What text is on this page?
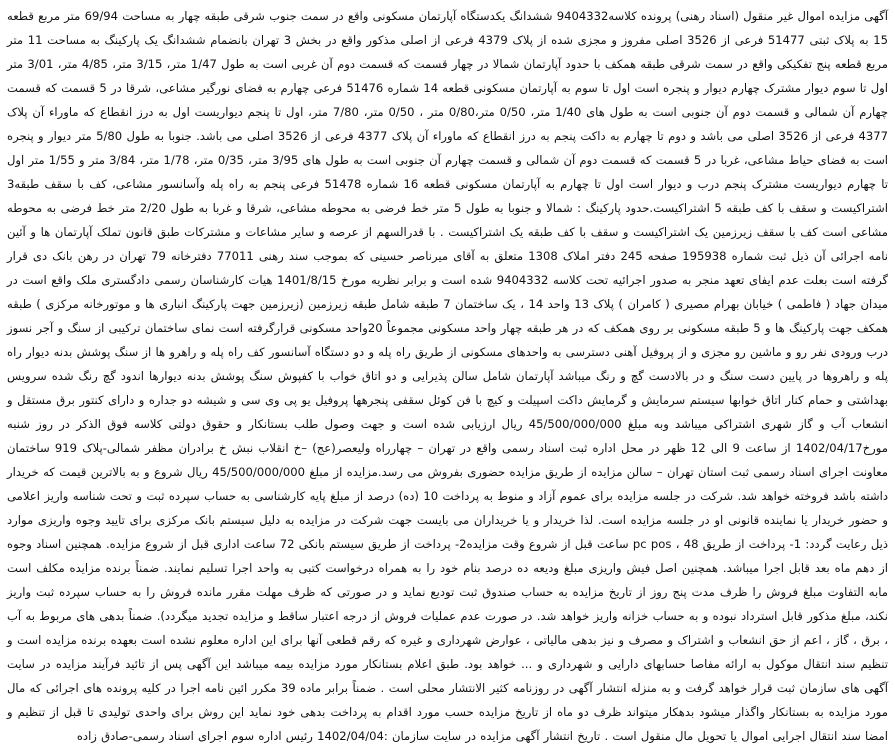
آگهی مزایده اموال غیر منقول (اسناد رهنی) پرونده کلاسه9404332 ششدانگ یکدستگاه آپارتمان مسکونی واقع در سمت جنوب شرقی طبقه چهار به مساحت 69/94 متر مربع قطعه 15 به پلاک ثبتی 51477 فرعی از 3526 اصلی مفروز و مجزی شده از پلاک 4379 فرعی از اصلی مذکور واقع در بخش 3 تهران بانضمام ششدانگ یک پارکینگ به مساحت 11 متر مربع قطعه پنج تفکیکی واقع در سمت شرقی طبقه همکف با حدود آپارتمان شمالا در چهار قسمت که قسمت دوم آن غربی است به طول 1/47 متر، 3/15 متر، 4/85 متر، 3/01 متر اول تا سوم دیوار مشترک چهارم دیوار و پنجره است اول تا سوم به آپارتمان مسکونی قطعه 14 شماره 51476 فرعی چهارم به فضای نورگیر مشاعی، شرقا در 5 قسمت که قسمت چهارم آن شمالی و قسمت دوم آن جنوبی است به طول های 1/40 متر، 0/50 متر،0/80 متر ، 0/50 متر، 7/80 متر، اول تا پنجم دیواریست اول به درز انقطاع که ماوراء آن پلاک 4377 فرعی از 3526 اصلی می باشد و دوم تا چهارم به داکت پنجم به درز انقطاع که ماوراء آن پلاک 4377 فرعی از 3526 اصلی می باشد. جنوبا به طول 5/80 متر دیوار و پنجره است به فضای حیاط مشاعی، غربا در 5 قسمت که قسمت دوم آن شمالی و قسمت چهارم آن جنوبی است به طول های 3/95 متر، 0/35 متر، 1/78 متر، 3/84 متر و 1/55 متر اول تا چهارم دیواریست مشترک پنجم درب و دیوار است اول تا چهارم به آپارتمان مسکونی قطعه 16 شماره 51478 فرعی پنجم به راه پله وآسانسور مشاعی، کف با سقف طبقه3 اشتراکیست و سقف با کف طبقه 5 اشتراکیست.حدود پارکینگ : شمالا و جنوبا به طول 5 متر خط فرضی به محوطه مشاعی، شرقا و غربا به طول 2/20 متر خط فرضی به محوطه مشاعی است کف با سقف زیرزمین یک اشتراکیست و سقف با کف طبقه یک اشتراکیست . با قدرالسهم از عرصه و سایر مشاعات و مشترکات طبق قانون تملک آپارتمان ها و آئین نامه اجرائی آن ذیل ثبت شماره 195938 صفحه 245 دفتر املاک 1308 متعلق به آقای میرناصر حسینی که بموجب سند رهنی 77011 دفترخانه 79 تهران در رهن بانک دی قرار گرفته است بعلت عدم ایفای تعهد منجر به صدور اجرائیه تحت کلاسه 9404332 شده است و برابر نظریه مورخ 1401/8/15 هیات کارشناسان رسمی دادگستری ملک واقع است در میدان جهاد ( فاطمی ) خیابان بهرام مصیری ( کامران ) پلاک 13 واحد 14 ، یک ساختمان 7 طبقه شامل طبقه زیرزمین (زیرزمین جهت پارکینگ انباری ها و موتورخانه مرکزی ) طبقه همکف جهت پارکینگ ها و 5 طبقه مسکونی بر روی همکف که در هر طبقه چهار واحد مسکونی مجموعاً 20واحد مسکونی قرارگرفته است نمای ساختمان ترکیبی از سنگ و آجر نسوز درب ورودی نفر رو و ماشین رو مجزی و از پروفیل آهنی دسترسی به واحدهای مسکونی از طریق راه پله و دو دستگاه آسانسور کف راه پله و راهرو ها از سنگ پوشش بدنه دیوار راه پله و راهروها در پایین دست سنگ و در بالادست گچ و رنگ میباشد آپارتمان شامل سالن پذیرایی و دو اتاق خواب با کفپوش سنگ پوشش بدنه دیوارها اندود گچ رنگ شده سرویس بهداشتی و حمام کنار اتاق خوابها سیستم سرمایش و گرمایش داکت اسپیلت و کیچ با فن کوئل سقفی پنجرهها پروفیل یو پی وی سی و شیشه دو جداره و دارای کنتور برق مستقل و انشعاب آب و گاز شهری اشتراکی میباشد وبه مبلغ 45/500/000/000 ریال ارزیابی شده است و جهت وصول طلب بستانکار و حقوق دولتی کلاسه فوق الذکر در روز شنبه مورخ1402/04/17 از ساعت 9 الی 12 ظهر در محل اداره ثبت اسناد رسمی واقع در تهران – چهارراه ولیعصر(عج) –خ انقلاب نبش خ برادران مظفر شمالی-پلاک 919 ساختمان معاونت اجرای اسناد رسمی ثبت استان تهران – سالن مزایده از طریق مزایده حضوری بفروش می رسد.مزایده از مبلغ 45/500/000/000 ریال شروع و به بالاترین قیمت که خریدار داشته باشد فروخته خواهد شد. شرکت در جلسه مزایده برای عموم آزاد و منوط به پرداخت 10 (ده) درصد از مبلغ پایه کارشناسی به حساب سپرده ثبت و تحت شناسه واریز اعلامی و حضور خریدار یا نماینده قانونی او در جلسه مزایده است. لذا خریدار و یا خریداران می بایست جهت شرکت در مزایده به دلیل سیستم بانک مرکزی برای تایید وجوه واریزی موارد ذیل رعایت گردد: 1- پرداخت از طریق pc pos ، 48 ساعت قبل از شروع وقت مزایده2- پرداخت از طریق سیستم بانکی 72 ساعت اداری قبل از شروع مزایده. همچنین اسناد وجوه از دهم ماه بعد قابل اجرا میباشد. همچنین اصل فیش واریزی مبلغ ودیعه ده درصد بنام خود را به همراه درخواست کتبی به واحد اجرا تسلیم نمایند. ضمناً برنده مزایده مکلف است مابه التفاوت مبلغ فروش را ظرف مدت پنج روز از تاریخ مزایده به حساب صندوق ثبت تودیع نماید و در صورتی که ظرف مهلت مقرر مانده فروش را به حساب سپرده ثبت واریز نکند، مبلغ مذکور قابل استرداد نبوده و به حساب خزانه واریز خواهد شد. در صورت عدم عملیات فروش از درجه اعتبار ساقط و مزایده تجدید میگردد). ضمناً بدهی های مربوط به آب ، برق ، گاز ، اعم از حق انشعاب و اشتراک و مصرف و نیز بدهی مالیاتی ، عوارض شهرداری و غیره که رقم قطعی آنها برای این اداره معلوم نشده است بعهده برنده مزایده است و تنظیم سند انتقال موکول به ارائه مفاصا حسابهای دارایی و شهرداری و ... خواهد بود. طبق اعلام بستانکار مورد مزایده بیمه میباشد این آگهی پس از تائید فرآیند مزایده در سایت آگهی های سازمان ثبت قرار خواهد گرفت و به منزله انتشار آگهی در روزنامه کثیر الانتشار محلی است . ضمناً برابر ماده 39 مکرر ائین نامه اجرا در کلیه پرونده های اجرائی که مال مورد مزایده به بستانکار واگذار میشود بدهکار میتواند ظرف دو ماه از تاریخ مزایده حسب مورد اقدام به پرداخت بدهی خود نماید این روش برای واحدی تولیدی تا قبل از تنظیم و امضا سند انتقال اجرایی اموال یا تحویل مال منقول است . تاریخ انتشار آگهی مزایده در سایت سازمان :1402/04/04 رئیس اداره سوم اجرای اسناد رسمی-صادق زاده
